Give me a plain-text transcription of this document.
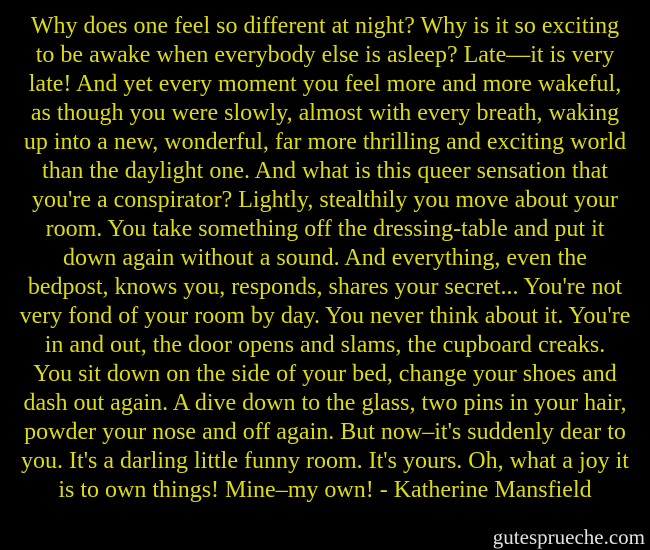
Why does one feel so different at night? Why is it so exciting
to be awake when everybody else is asleep? Late—it is very
late! And yet every moment you feel more and more wakeful,
as though you were slowly, almost with every breath, waking
up into a new, wonderful, far more thrilling and exciting world
than the daylight one. And what is this queer sensation that
you're a conspirator? Lightly, stealthily you move about your
room. You take something off the dressing-table and put it
down again without a sound. And everything, even the
bedpost, knows you, responds, shares your secret... You're not
very fond of your room by day. You never think about it. You're
in and out, the door opens and slams, the cupboard creaks.
You sit down on the side of your bed, change your shoes and
dash out again. A dive down to the glass, two pins in your hair,
powder your nose and off again. But now–it's suddenly dear to
you. It's a darling little funny room. It's yours. Oh, what a joy it
is to own things! Mine–my own! - Katherine Mansfield
gutesprueche.com
